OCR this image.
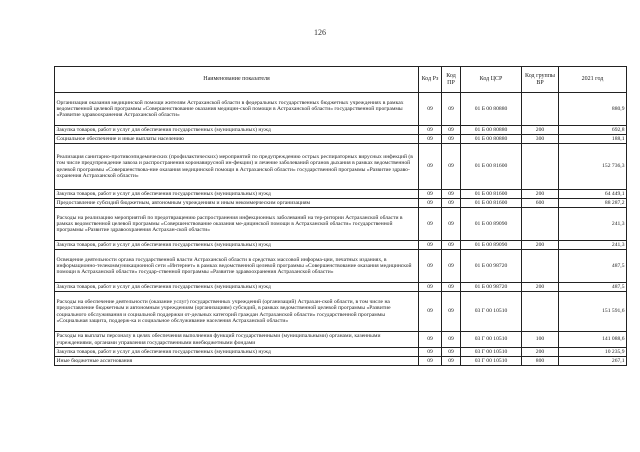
126
Наименование показателя	Код Рз	Код ПР	Код ЦСР	Код группы ВР	2021 год
Организация оказания медицинской помощи жителям Астраханской области в федеральных государственных бюджетных учреждениях в рамках ведомственной целевой программы «Совершенствование оказания медицин-ской помощи в Астраханской области» государственной программы «Развитие здравоохранения Астраханской области»	09	09	01 Б 00 80880		880,9
Закупка товаров, работ и услуг для обеспечения государственных (муниципальных) нужд	09	09	01 Б 00 80880	200	692,8
Социальное обеспечение и иные выплаты населению	09	09	01 Б 00 80880	300	188,1
Реализация санитарно-противоэпидемических (профилактических) мероприятий по предупреждению острых респираторных вирусных инфекций (в том числе предупреждение завоза и распространения коронавирусной ин-фекции) и лечение заболеваний органов дыхания в рамках ведомственной целевой программы «Совершенствова-ние оказания медицинской помощи в Астраханской области» государственной программы «Развитие здраво-охранения Астраханской области»	09	09	01 Б 00 81600		152 736,3
Закупка товаров, работ и услуг для обеспечения государственных (муниципальных) нужд	09	09	01 Б 00 81600	200	64 449,1
Предоставление субсидий бюджетным, автономным учреждениям и иным некоммерческим организациям	09	09	01 Б 00 81600	600	88 287,2
Расходы на реализацию мероприятий по предотвращению распространения инфекционных заболеваний на тер-ритории Астраханской области в рамках ведомственной целевой программы «Совершенствование оказания ме-дицинской помощи в Астраханской области» государственной программы «Развитие здравоохранения Астрахан-ской области»	09	09	01 Б 00 89090		241,3
Закупка товаров, работ и услуг для обеспечения государственных (муниципальных) нужд	09	09	01 Б 00 89090	200	241,3
Освещение деятельности органа государственной власти Астраханской области в средствах массовой информа-ции, печатных изданиях, в информационно-телекоммуникационной сети «Интернет» в рамках ведомственной целевой программы «Совершенствование оказания медицинской помощи в Астраханской области» государ-ственной программы «Развитие здравоохранения Астраханской области»	09	09	01 Б 00 98720		487,5
Закупка товаров, работ и услуг для обеспечения государственных (муниципальных) нужд	09	09	01 Б 00 98720	200	487,5
Расходы на обеспечение деятельности (оказание услуг) государственных учреждений (организаций) Астрахан-ской области, в том числе на предоставление бюджетным и автономным учреждениям (организациям) субсидий, в рамках ведомственной целевой программы «Развитие социального обслуживания и социальной поддержки от-дельных категорий граждан Астраханской области» государственной программы «Социальная защита, поддерж-ка и социальное обслуживание населения Астраханской области»	09	09	03 Г 00 10510		151 591,6
Расходы на выплаты персоналу в целях обеспечения выполнения функций государственными (муниципальными) органами, казенными учреждениями, органами управления государственными внебюджетными фондами	09	09	03 Г 00 10510	100	141 088,6
Закупка товаров, работ и услуг для обеспечения государственных (муниципальных) нужд	09	09	03 Г 00 10510	200	10 235,9
Иные бюджетные ассигнования	09	09	03 Г 00 10510	800	267,1
